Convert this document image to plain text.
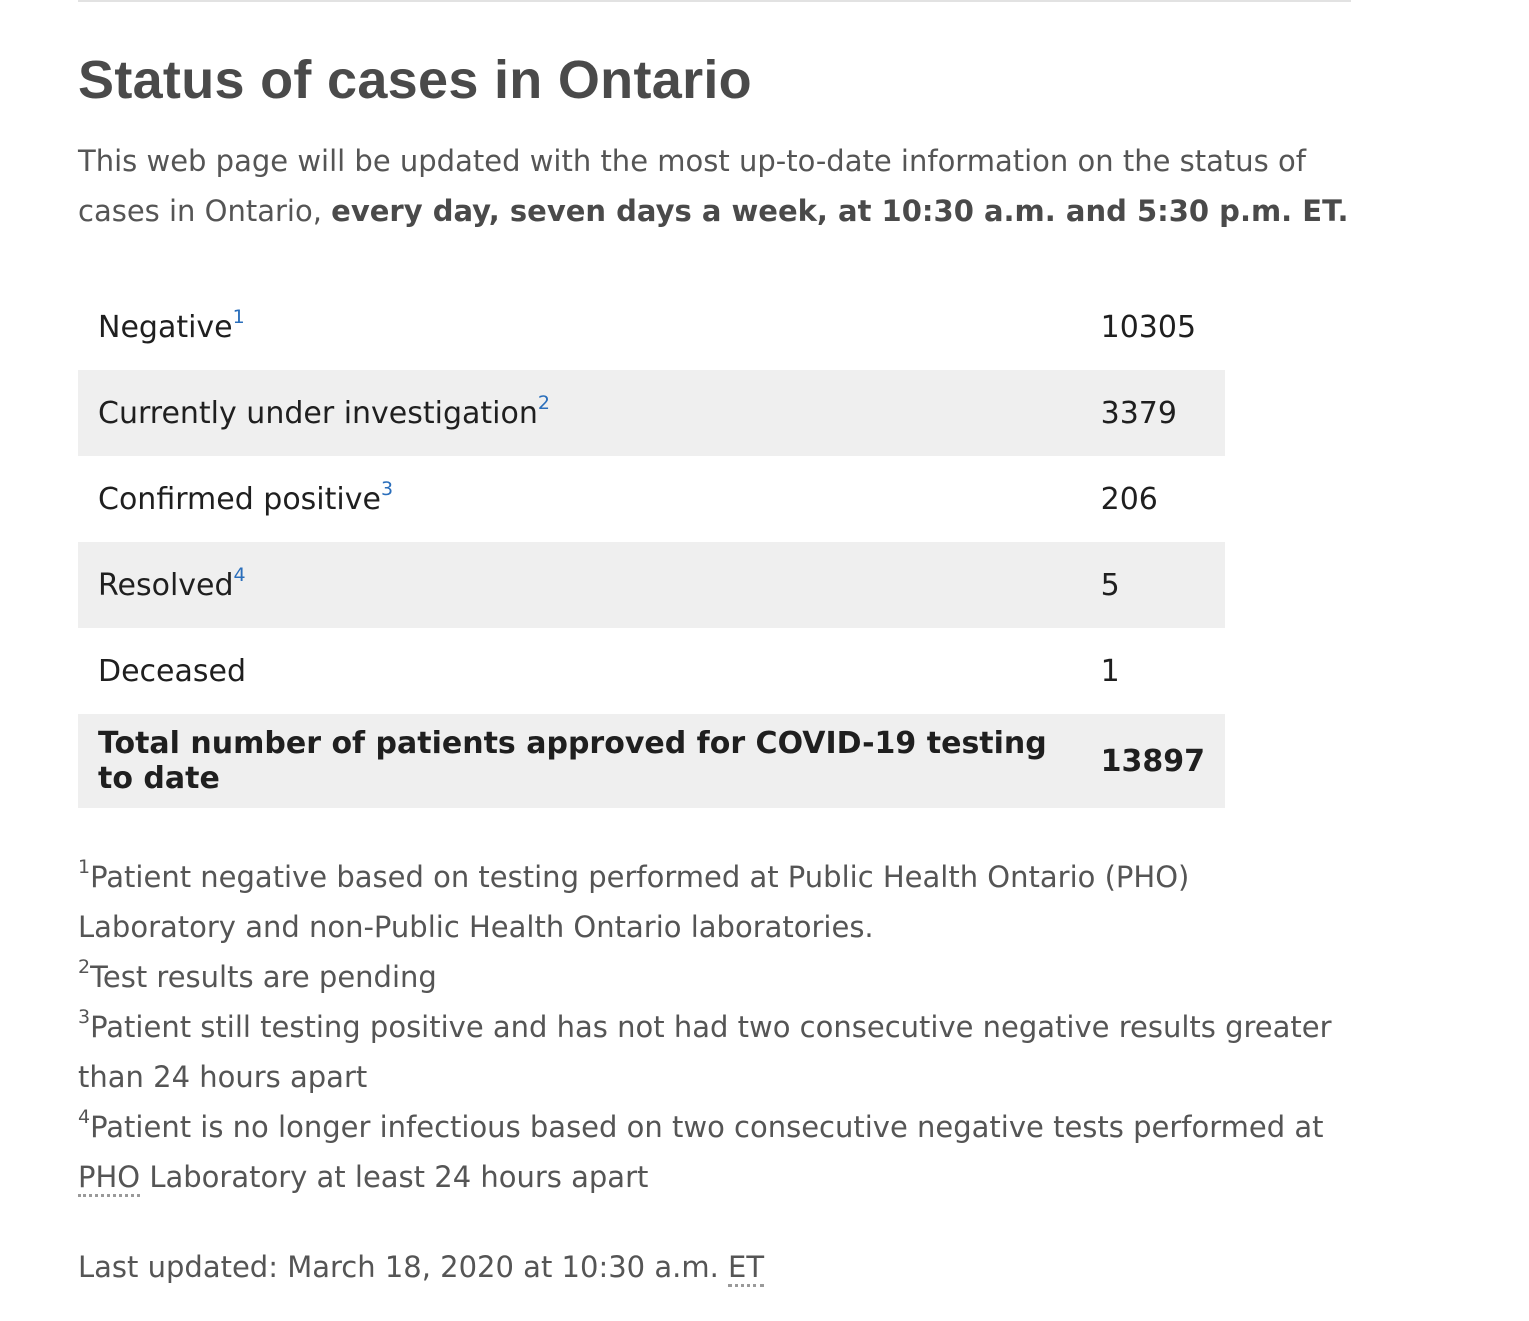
Status of cases in Ontario

This web page will be updated with the most up-to-date information on the status of cases in Ontario, every day, seven days a week, at 10:30 a.m. and 5:30 p.m. ET.

Negative$^1$	10305
Currently under investigation$^2$	3379
Confirmed positive$^3$	206
Resolved$^4$	5
Deceased	1
Total number of patients approved for COVID-19 testing to date	13897

$^1$Patient negative based on testing performed at Public Health Ontario (PHO) Laboratory and non-Public Health Ontario laboratories.

$^2$Test results are pending

$^3$Patient still testing positive and has not had two consecutive negative results greater than 24 hours apart

$^4$Patient is no longer infectious based on two consecutive negative tests performed at PHO Laboratory at least 24 hours apart

Last updated: March 18, 2020 at 10:30 a.m. ET
